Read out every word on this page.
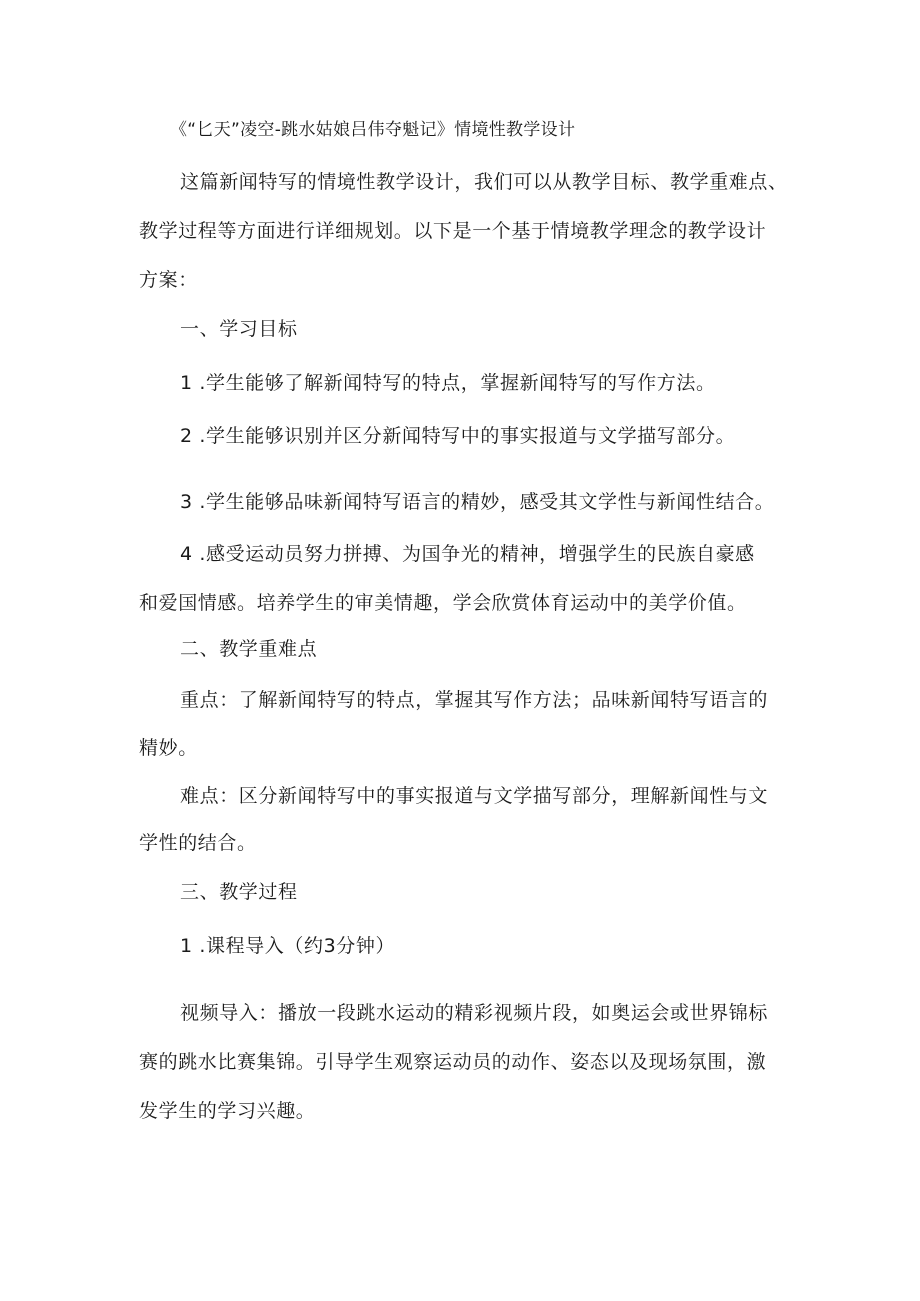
《“匕天”凌空-跳水姑娘吕伟夺魁记》情境性教学设计
这篇新闻特写的情境性教学设计，我们可以从教学目标、教学重难点、
教学过程等方面进行详细规划。以下是一个基于情境教学理念的教学设计
方案：
一、学习目标
1 .学生能够了解新闻特写的特点，掌握新闻特写的写作方法。
2 .学生能够识别并区分新闻特写中的事实报道与文学描写部分。
3 .学生能够品味新闻特写语言的精妙，感受其文学性与新闻性结合。
4 .感受运动员努力拼搏、为国争光的精神，增强学生的民族自豪感
和爱国情感。培养学生的审美情趣，学会欣赏体育运动中的美学价值。
二、教学重难点
重点：了解新闻特写的特点，掌握其写作方法；品味新闻特写语言的
精妙。
难点：区分新闻特写中的事实报道与文学描写部分，理解新闻性与文
学性的结合。
三、教学过程
1 .课程导入（约3分钟）
视频导入：播放一段跳水运动的精彩视频片段，如奥运会或世界锦标
赛的跳水比赛集锦。引导学生观察运动员的动作、姿态以及现场氛围，激
发学生的学习兴趣。
